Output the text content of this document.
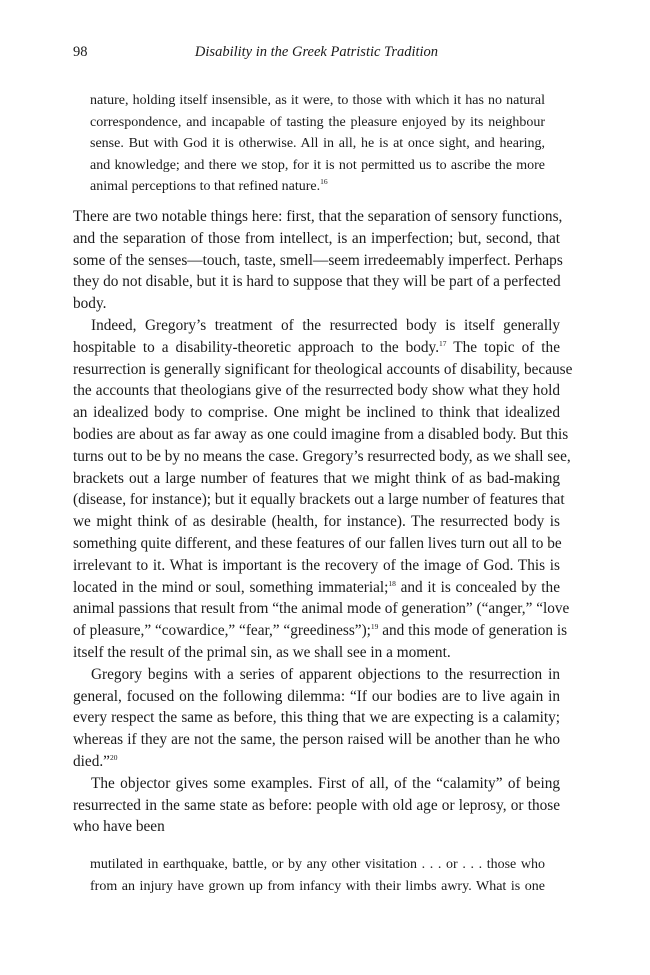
98	Disability in the Greek Patristic Tradition
nature, holding itself insensible, as it were, to those with which it has no natural
correspondence, and incapable of tasting the pleasure enjoyed by its neighbour
sense. But with God it is otherwise. All in all, he is at once sight, and hearing,
and knowledge; and there we stop, for it is not permitted us to ascribe the more
animal perceptions to that refined nature.$^{16}$
There are two notable things here: first, that the separation of sensory functions,
and the separation of those from intellect, is an imperfection; but, second, that
some of the senses—touch, taste, smell—seem irredeemably imperfect. Perhaps
they do not disable, but it is hard to suppose that they will be part of a perfected
body.
Indeed, Gregory’s treatment of the resurrected body is itself generally
hospitable to a disability-theoretic approach to the body.$^{17}$ The topic of the
resurrection is generally significant for theological accounts of disability, because
the accounts that theologians give of the resurrected body show what they hold
an idealized body to comprise. One might be inclined to think that idealized
bodies are about as far away as one could imagine from a disabled body. But this
turns out to be by no means the case. Gregory’s resurrected body, as we shall see,
brackets out a large number of features that we might think of as bad-making
(disease, for instance); but it equally brackets out a large number of features that
we might think of as desirable (health, for instance). The resurrected body is
something quite different, and these features of our fallen lives turn out all to be
irrelevant to it. What is important is the recovery of the image of God. This is
located in the mind or soul, something immaterial;$^{18}$ and it is concealed by the
animal passions that result from “the animal mode of generation” (“anger,” “love
of pleasure,” “cowardice,” “fear,” “greediness”);$^{19}$ and this mode of generation is
itself the result of the primal sin, as we shall see in a moment.
Gregory begins with a series of apparent objections to the resurrection in
general, focused on the following dilemma: “If our bodies are to live again in
every respect the same as before, this thing that we are expecting is a calamity;
whereas if they are not the same, the person raised will be another than he who
died.”$^{20}$
The objector gives some examples. First of all, of the “calamity” of being
resurrected in the same state as before: people with old age or leprosy, or those
who have been
mutilated in earthquake, battle, or by any other visitation . . . or . . . those who
from an injury have grown up from infancy with their limbs awry. What is one
